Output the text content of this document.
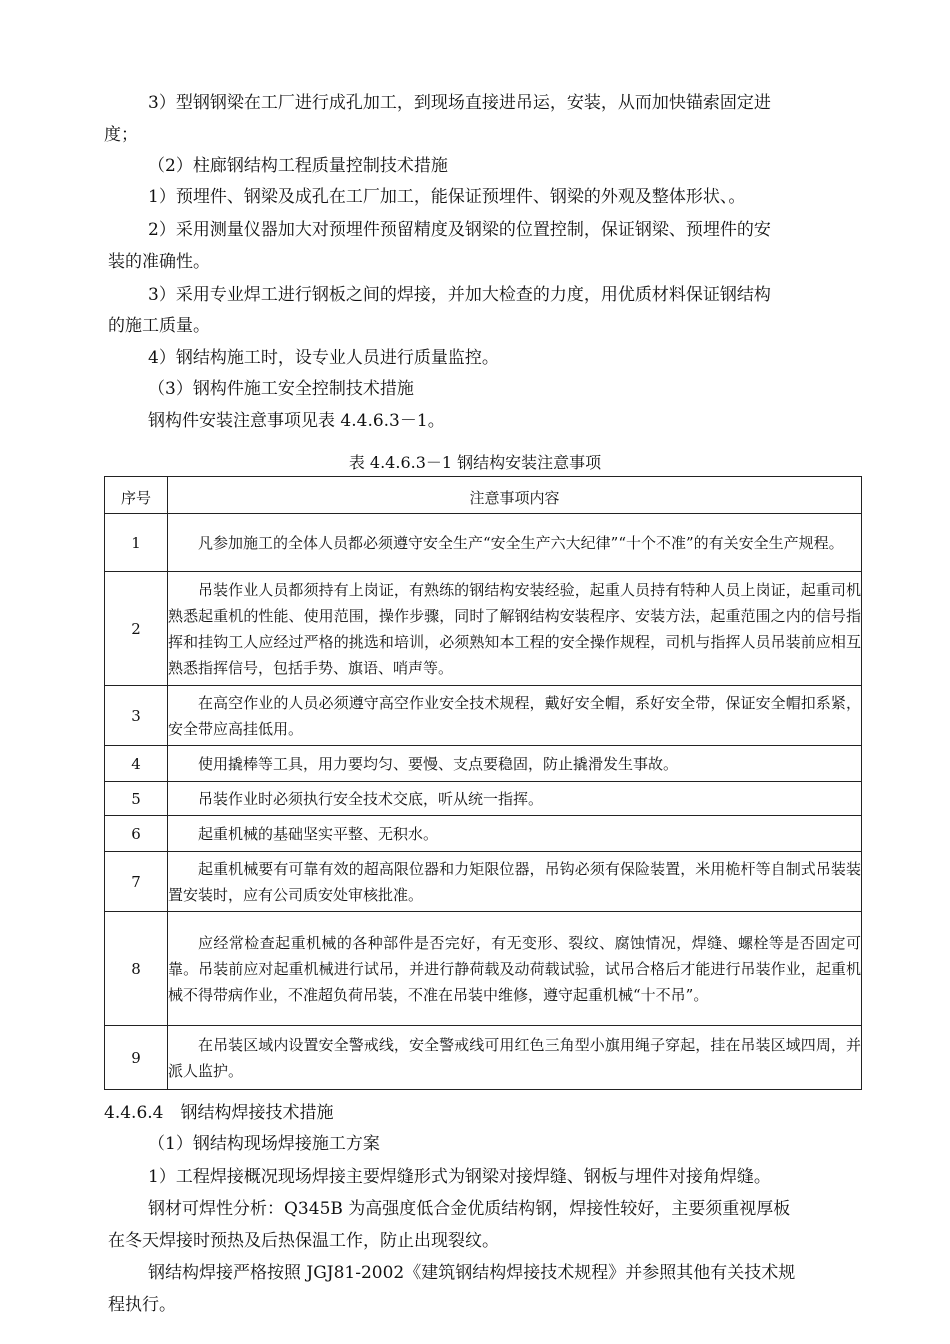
3）型钢钢梁在工厂进行成孔加工，到现场直接进吊运，安装，从而加快锚索固定进
度；
（2）柱廊钢结构工程质量控制技术措施
1）预埋件、钢梁及成孔在工厂加工，能保证预埋件、钢梁的外观及整体形状、。
2）采用测量仪器加大对预埋件预留精度及钢梁的位置控制，保证钢梁、预埋件的安
装的准确性。
3）采用专业焊工进行钢板之间的焊接，并加大检查的力度，用优质材料保证钢结构
的施工质量。
4）钢结构施工时，设专业人员进行质量监控。
（3）钢构件施工安全控制技术措施
钢构件安装注意事项见表 4.4.6.3－1。
表 4.4.6.3－1 钢结构安装注意事项
序号	注意事项内容
1	凡参加施工的全体人员都必须遵守安全生产“安全生产六大纪律”“十个不准”的有关安全生产规程。

2	吊装作业人员都须持有上岗证，有熟练的钢结构安装经验，起重人员持有特种人员上岗证，起重司机熟悉起重机的性能、使用范围，操作步骤，同时了解钢结构安装程序、安装方法，起重范围之内的信号指挥和挂钩工人应经过严格的挑选和培训，必须熟知本工程的安全操作规程，司机与指挥人员吊装前应相互熟悉指挥信号，包括手势、旗语、哨声等。

3	在高空作业的人员必须遵守高空作业安全技术规程，戴好安全帽，系好安全带，保证安全帽扣系紧，安全带应高挂低用。

4	使用撬棒等工具，用力要均匀、要慢、支点要稳固，防止撬滑发生事故。

5	吊装作业时必须执行安全技术交底，听从统一指挥。

6	起重机械的基础坚实平整、无积水。

7	起重机械要有可靠有效的超高限位器和力矩限位器，吊钩必须有保险装置，米用桅杆等自制式吊装装置安装时，应有公司质安处审核批准。

8	应经常检查起重机械的各种部件是否完好，有无变形、裂纹、腐蚀情况，焊缝、螺栓等是否固定可靠。吊装前应对起重机械进行试吊，并进行静荷载及动荷载试验，试吊合格后才能进行吊装作业，起重机械不得带病作业，不准超负荷吊装，不准在吊装中维修，遵守起重机械“十不吊”。

9	在吊装区域内设置安全警戒线，安全警戒线可用红色三角型小旗用绳子穿起，挂在吊装区域四周，并派人监护。
4.4.6.4　钢结构焊接技术措施
（1）钢结构现场焊接施工方案
1）工程焊接概况现场焊接主要焊缝形式为钢梁对接焊缝、钢板与埋件对接角焊缝。
钢材可焊性分析：Q345B 为高强度低合金优质结构钢，焊接性较好，主要须重视厚板
在冬天焊接时预热及后热保温工作，防止出现裂纹。
钢结构焊接严格按照 JGJ81-2002《建筑钢结构焊接技术规程》并参照其他有关技术规
程执行。
